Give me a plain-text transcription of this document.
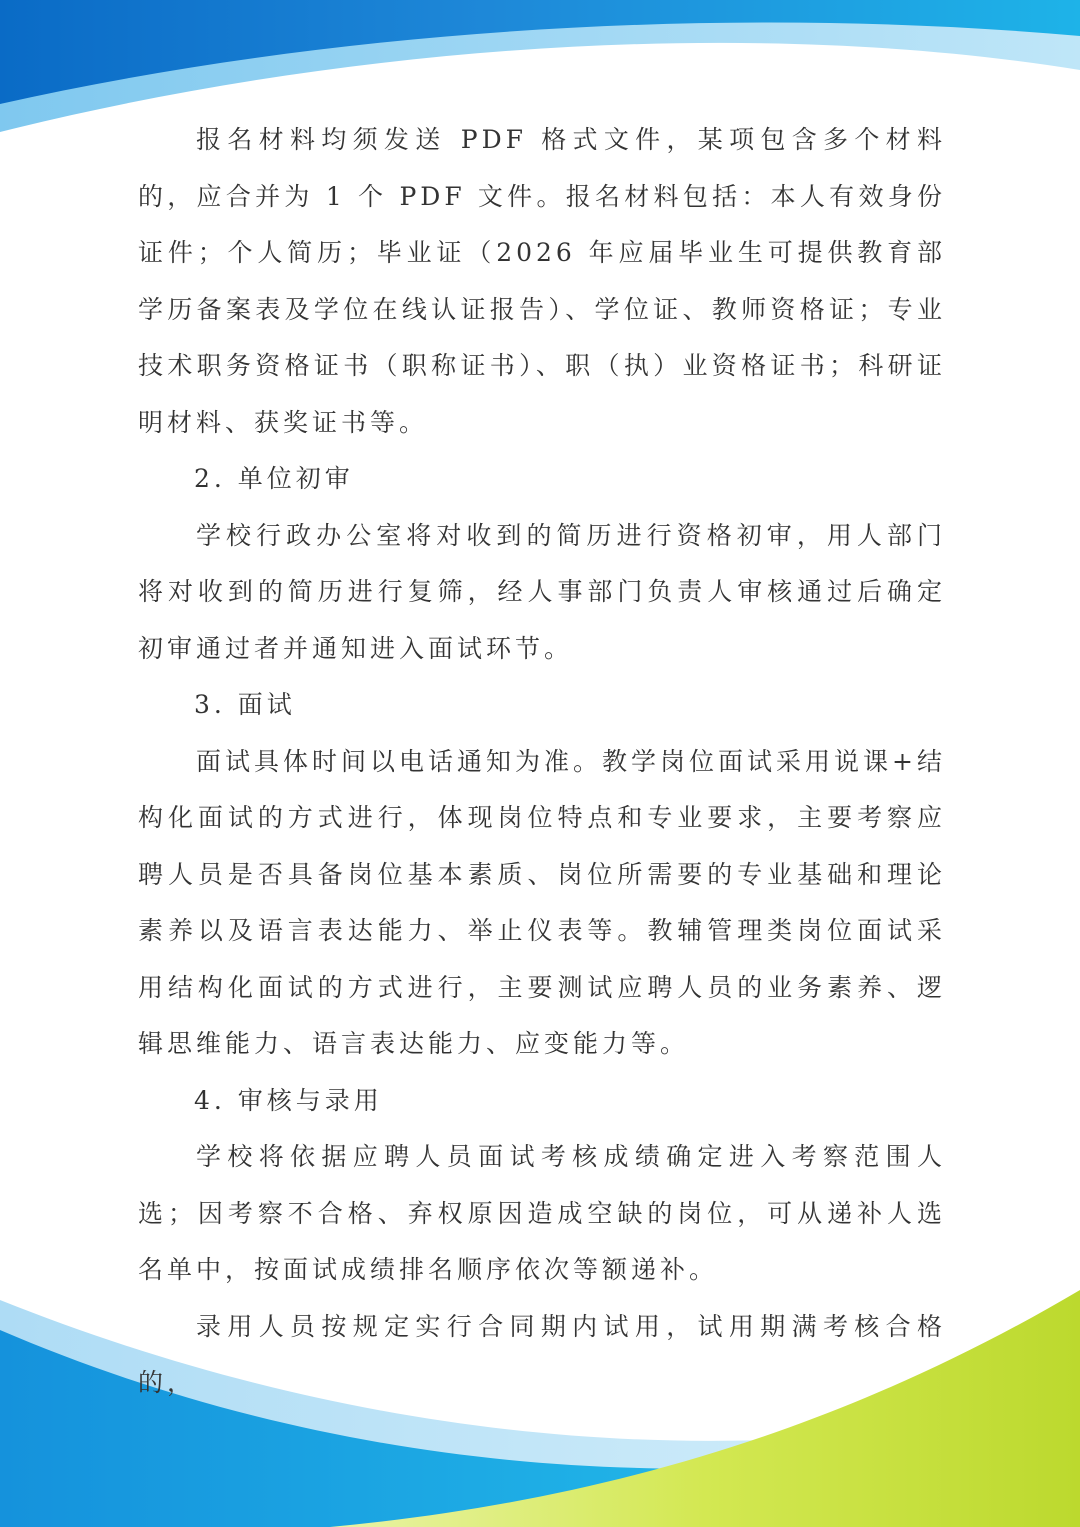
报名材料均须发送 PDF 格式文件，某项包含多个材料的，应合并为 1 个 PDF 文件。报名材料包括：本人有效身份证件；个人简历；毕业证（2026 年应届毕业生可提供教育部学历备案表及学位在线认证报告）、学位证、教师资格证；专业技术职务资格证书（职称证书）、职（执）业资格证书；科研证明材料、获奖证书等。

2. 单位初审

学校行政办公室将对收到的简历进行资格初审，用人部门将对收到的简历进行复筛，经人事部门负责人审核通过后确定初审通过者并通知进入面试环节。

3. 面试

面试具体时间以电话通知为准。教学岗位面试采用说课+结构化面试的方式进行，体现岗位特点和专业要求，主要考察应聘人员是否具备岗位基本素质、岗位所需要的专业基础和理论素养以及语言表达能力、举止仪表等。教辅管理类岗位面试采用结构化面试的方式进行，主要测试应聘人员的业务素养、逻辑思维能力、语言表达能力、应变能力等。

4. 审核与录用

学校将依据应聘人员面试考核成绩确定进入考察范围人选；因考察不合格、弃权原因造成空缺的岗位，可从递补人选名单中，按面试成绩排名顺序依次等额递补。

录用人员按规定实行合同期内试用，试用期满考核合格的，
